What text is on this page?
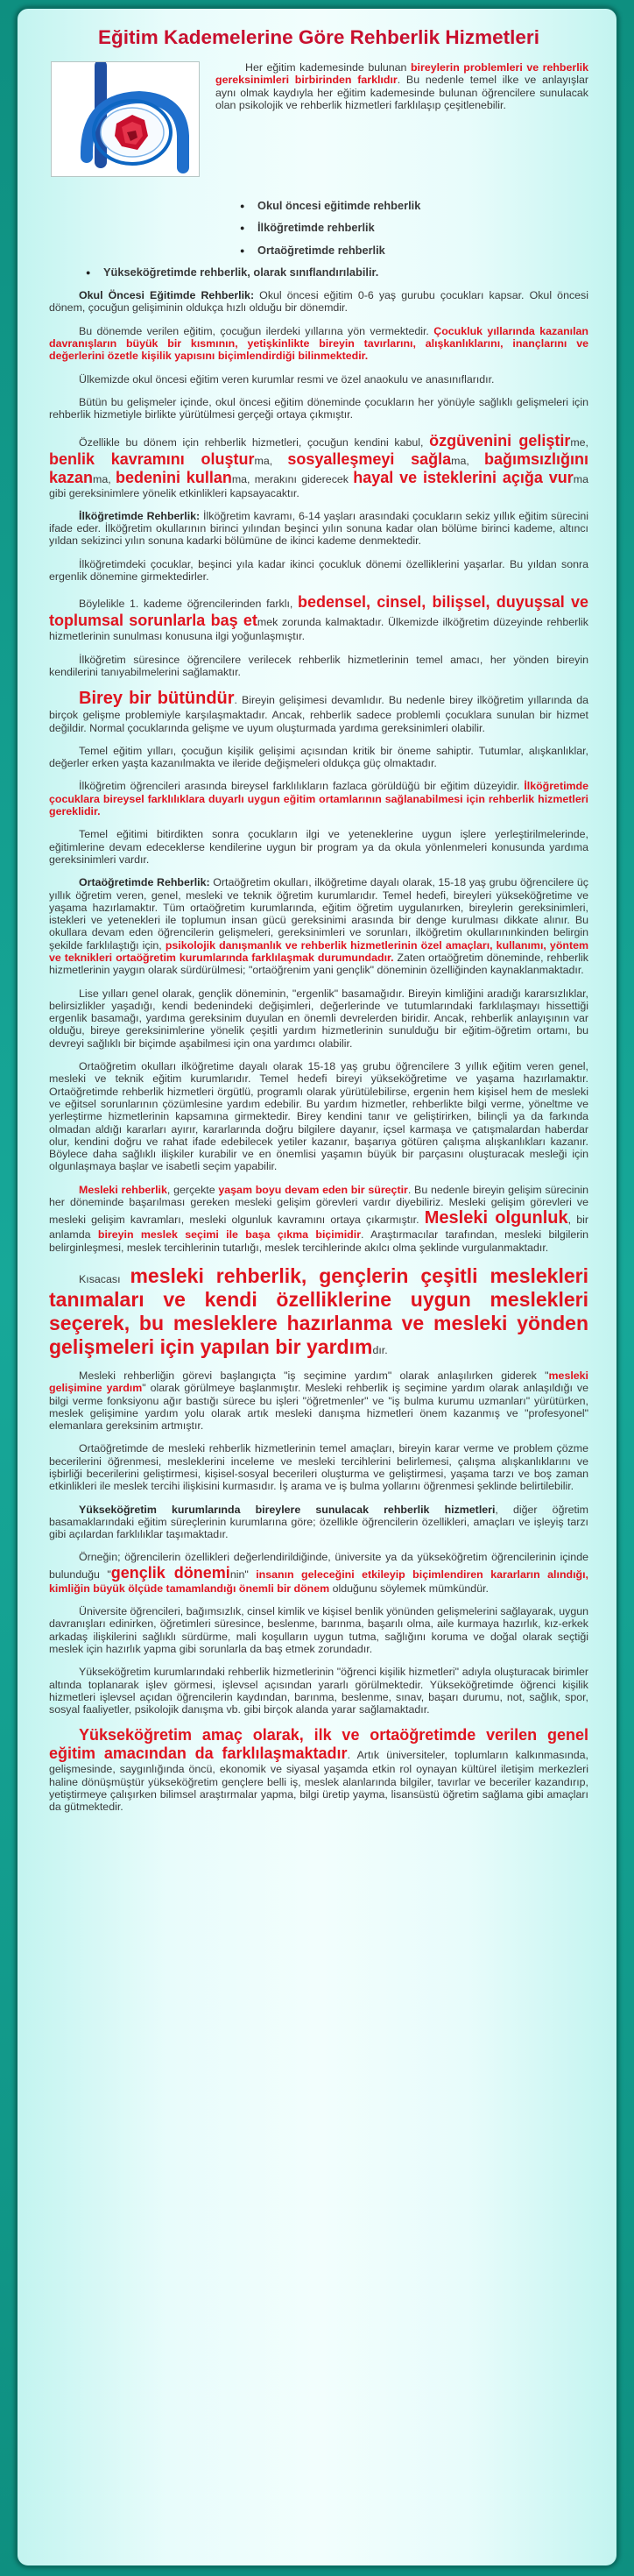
Eğitim Kademelerine Göre Rehberlik Hizmetleri

Her eğitim kademesinde bulunan bireylerin problemleri ve rehberlik gereksinimleri birbirinden farklıdır. Bu nedenle temel ilke ve anlayışlar aynı olmak kaydıyla her eğitim kademesinde bulunan öğrencilere sunulacak olan psikolojik ve rehberlik hizmetleri farklılaşıp çeşitlenebilir.

● Okul öncesi eğitimde rehberlik
● İlköğretimde rehberlik
● Ortaöğretimde rehberlik
● Yükseköğretimde rehberlik, olarak sınıflandırılabilir.

Okul Öncesi Eğitimde Rehberlik: Okul öncesi eğitim 0-6 yaş gurubu çocukları kapsar. Okul öncesi dönem, çocuğun gelişiminin oldukça hızlı olduğu bir dönemdir.

Bu dönemde verilen eğitim, çocuğun ilerdeki yıllarına yön vermektedir. Çocukluk yıllarında kazanılan davranışların büyük bir kısmının, yetişkinlikte bireyin tavırlarını, alışkanlıklarını, inançlarını ve değerlerini özetle kişilik yapısını biçimlendirdiği bilinmektedir.

Ülkemizde okul öncesi eğitim veren kurumlar resmi ve özel anaokulu ve anasınıflarıdır.

Bütün bu gelişmeler içinde, okul öncesi eğitim döneminde çocukların her yönüyle sağlıklı gelişmeleri için rehberlik hizmetiyle birlikte yürütülmesi gerçeği ortaya çıkmıştır.

Özellikle bu dönem için rehberlik hizmetleri, çocuğun kendini kabul, özgüvenini geliştirme, benlik kavramını oluşturma, sosyalleşmeyi sağlama, bağımsızlığını kazanma, bedenini kullanma, merakını giderecek hayal ve isteklerini açığa vurma gibi gereksinimlere yönelik etkinlikleri kapsayacaktır.

İlköğretimde Rehberlik: İlköğretim kavramı, 6-14 yaşları arasındaki çocukların sekiz yıllık eğitim sürecini ifade eder. İlköğretim okullarının birinci yılından beşinci yılın sonuna kadar olan bölüme birinci kademe, altıncı yıldan sekizinci yılın sonuna kadarki bölümüne de ikinci kademe denmektedir.

İlköğretimdeki çocuklar, beşinci yıla kadar ikinci çocukluk dönemi özelliklerini yaşarlar. Bu yıldan sonra ergenlik dönemine girmektedirler.

Böylelikle 1. kademe öğrencilerinden farklı, bedensel, cinsel, bilişsel, duyuşsal ve toplumsal sorunlarla baş etmek zorunda kalmaktadır. Ülkemizde ilköğretim düzeyinde rehberlik hizmetlerinin sunulması konusuna ilgi yoğunlaşmıştır.

İlköğretim süresince öğrencilere verilecek rehberlik hizmetlerinin temel amacı, her yönden bireyin kendilerini tanıyabilmelerini sağlamaktır.

Birey bir bütündür. Bireyin gelişimesi devamlıdır. Bu nedenle birey ilköğretim yıllarında da birçok gelişme problemiyle karşılaşmaktadır. Ancak, rehberlik sadece problemli çocuklara sunulan bir hizmet değildir. Normal çocuklarında gelişme ve uyum oluşturmada yardıma gereksinimleri olabilir.

Temel eğitim yılları, çocuğun kişilik gelişimi açısından kritik bir öneme sahiptir. Tutumlar, alışkanlıklar, değerler erken yaşta kazanılmakta ve ileride değişmeleri oldukça güç olmaktadır.

İlköğretim öğrencileri arasında bireysel farklılıkların fazlaca görüldüğü bir eğitim düzeyidir. İlköğretimde çocuklara bireysel farklılıklara duyarlı uygun eğitim ortamlarının sağlanabilmesi için rehberlik hizmetleri gereklidir.

Temel eğitimi bitirdikten sonra çocukların ilgi ve yeteneklerine uygun işlere yerleştirilmelerinde, eğitimlerine devam edeceklerse kendilerine uygun bir program ya da okula yönlenmeleri konusunda yardıma gereksinimleri vardır.

Ortaöğretimde Rehberlik: Ortaöğretim okulları, ilköğretime dayalı olarak, 15-18 yaş grubu öğrencilere üç yıllık öğretim veren, genel, mesleki ve teknik öğretim kurumlarıdır. Temel hedefi, bireyleri yükseköğretime ve yaşama hazırlamaktır. Tüm ortaöğretim kurumlarında, eğitim öğretim uygulanırken, bireylerin gereksinimleri, istekleri ve yetenekleri ile toplumun insan gücü gereksinimi arasında bir denge kurulması dikkate alınır. Bu okullara devam eden öğrencilerin gelişmeleri, gereksinimleri ve sorunları, ilköğretim okullarınınkinden belirgin şekilde farklılaştığı için, psikolojik danışmanlık ve rehberlik hizmetlerinin özel amaçları, kullanımı, yöntem ve teknikleri ortaöğretim kurumlarında farklılaşmak durumundadır. Zaten ortaöğretim döneminde, rehberlik hizmetlerinin yaygın olarak sürdürülmesi; "ortaöğrenim yani gençlik" döneminin özelliğinden kaynaklanmaktadır.

Lise yılları genel olarak, gençlik döneminin, "ergenlik" basamağıdır. Bireyin kimliğini aradığı kararsızlıklar, belirsizlikler yaşadığı, kendi bedenindeki değişimleri, değerlerinde ve tutumlarındaki farklılaşmayı hissettiği ergenlik basamağı, yardıma gereksinim duyulan en önemli devrelerden biridir. Ancak, rehberlik anlayışının var olduğu, bireye gereksinimlerine yönelik çeşitli yardım hizmetlerinin sunulduğu bir eğitim-öğretim ortamı, bu devreyi sağlıklı bir biçimde aşabilmesi için ona yardımcı olabilir.

Ortaöğretim okulları ilköğretime dayalı olarak 15-18 yaş grubu öğrencilere 3 yıllık eğitim veren genel, mesleki ve teknik eğitim kurumlarıdır. Temel hedefi bireyi yükseköğretime ve yaşama hazırlamaktır. Ortaöğretimde rehberlik hizmetleri örgütlü, programlı olarak yürütülebilirse, ergenin hem kişisel hem de mesleki ve eğitsel sorunlarının çözümlesine yardım edebilir. Bu yardım hizmetler, rehberlikte bilgi verme, yöneltme ve yerleştirme hizmetlerinin kapsamına girmektedir. Birey kendini tanır ve geliştirirken, bilinçli ya da farkında olmadan aldığı kararları ayırır, kararlarında doğru bilgilere dayanır, içsel karmaşa ve çatışmalardan haberdar olur, kendini doğru ve rahat ifade edebilecek yetiler kazanır, başarıya götüren çalışma alışkanlıkları kazanır. Böylece daha sağlıklı ilişkiler kurabilir ve en önemlisi yaşamın büyük bir parçasını oluşturacak mesleği için olgunlaşmaya başlar ve isabetli seçim yapabilir.

Mesleki rehberlik, gerçekte yaşam boyu devam eden bir süreçtir. Bu nedenle bireyin gelişim sürecinin her döneminde başarılması gereken mesleki gelişim görevleri vardır diyebiliriz. Mesleki gelişim görevleri ve mesleki gelişim kavramları, mesleki olgunluk kavramını ortaya çıkarmıştır. Mesleki olgunluk, bir anlamda bireyin meslek seçimi ile başa çıkma biçimidir. Araştırmacılar tarafından, mesleki bilgilerin belirginleşmesi, meslek tercihlerinin tutarlığı, meslek tercihlerinde akılcı olma şeklinde vurgulanmaktadır.

Kısacası mesleki rehberlik, gençlerin çeşitli meslekleri tanımaları ve kendi özelliklerine uygun meslekleri seçerek, bu mesleklere hazırlanma ve mesleki yönden gelişmeleri için yapılan bir yardımdır.

Mesleki rehberliğin görevi başlangıçta "iş seçimine yardım" olarak anlaşılırken giderek "mesleki gelişimine yardım" olarak görülmeye başlanmıştır. Mesleki rehberlik iş seçimine yardım olarak anlaşıldığı ve bilgi verme fonksiyonu ağır bastığı sürece bu işleri "öğretmenler" ve "iş bulma kurumu uzmanları" yürütürken, meslek gelişimine yardım yolu olarak artık mesleki danışma hizmetleri önem kazanmış ve "profesyonel" elemanlara gereksinim artmıştır.

Ortaöğretimde de mesleki rehberlik hizmetlerinin temel amaçları, bireyin karar verme ve problem çözme becerilerini öğrenmesi, mesleklerini inceleme ve mesleki tercihlerini belirlemesi, çalışma alışkanlıklarını ve işbirliği becerilerini geliştirmesi, kişisel-sosyal becerileri oluşturma ve geliştirmesi, yaşama tarzı ve boş zaman etkinlikleri ile meslek tercihi ilişkisini kurmasıdır. İş arama ve iş bulma yollarını öğrenmesi şeklinde belirtilebilir.

Yükseköğretim kurumlarında bireylere sunulacak rehberlik hizmetleri, diğer öğretim basamaklarındaki eğitim süreçlerinin kurumlarına göre; özellikle öğrencilerin özellikleri, amaçları ve işleyiş tarzı gibi açılardan farklılıklar taşımaktadır.

Örneğin; öğrencilerin özellikleri değerlendirildiğinde, üniversite ya da yükseköğretim öğrencilerinin içinde bulunduğu "gençlik döneminin" insanın geleceğini etkileyip biçimlendiren kararların alındığı, kimliğin büyük ölçüde tamamlandığı önemli bir dönem olduğunu söylemek mümkündür.

Üniversite öğrencileri, bağımsızlık, cinsel kimlik ve kişisel benlik yönünden gelişmelerini sağlayarak, uygun davranışları edinirken, öğretimleri süresince, beslenme, barınma, başarılı olma, aile kurmaya hazırlık, kız-erkek arkadaş ilişkilerini sağlıklı sürdürme, mali koşulların uygun tutma, sağlığını koruma ve doğal olarak seçtiği meslek için hazırlık yapma gibi sorunlarla da baş etmek zorundadır.

Yükseköğretim kurumlarındaki rehberlik hizmetlerinin "öğrenci kişilik hizmetleri" adıyla oluşturacak birimler altında toplanarak işlev görmesi, işlevsel açısından yararlı görülmektedir. Yükseköğretimde öğrenci kişilik hizmetleri işlevsel açıdan öğrencilerin kaydından, barınma, beslenme, sınav, başarı durumu, not, sağlık, spor, sosyal faaliyetler, psikolojik danışma vb. gibi birçok alanda yarar sağlamaktadır.

Yükseköğretim amaç olarak, ilk ve ortaöğretimde verilen genel eğitim amacından da farklılaşmaktadır. Artık üniversiteler, toplumların kalkınmasında, gelişmesinde, saygınlığında öncü, ekonomik ve siyasal yaşamda etkin rol oynayan kültürel iletişim merkezleri haline dönüşmüştür yükseköğretim gençlere belli iş, meslek alanlarında bilgiler, tavırlar ve beceriler kazandırıp, yetiştirmeye çalışırken bilimsel araştırmalar yapma, bilgi üretip yayma, lisansüstü öğretim sağlama gibi amaçları da gütmektedir.
